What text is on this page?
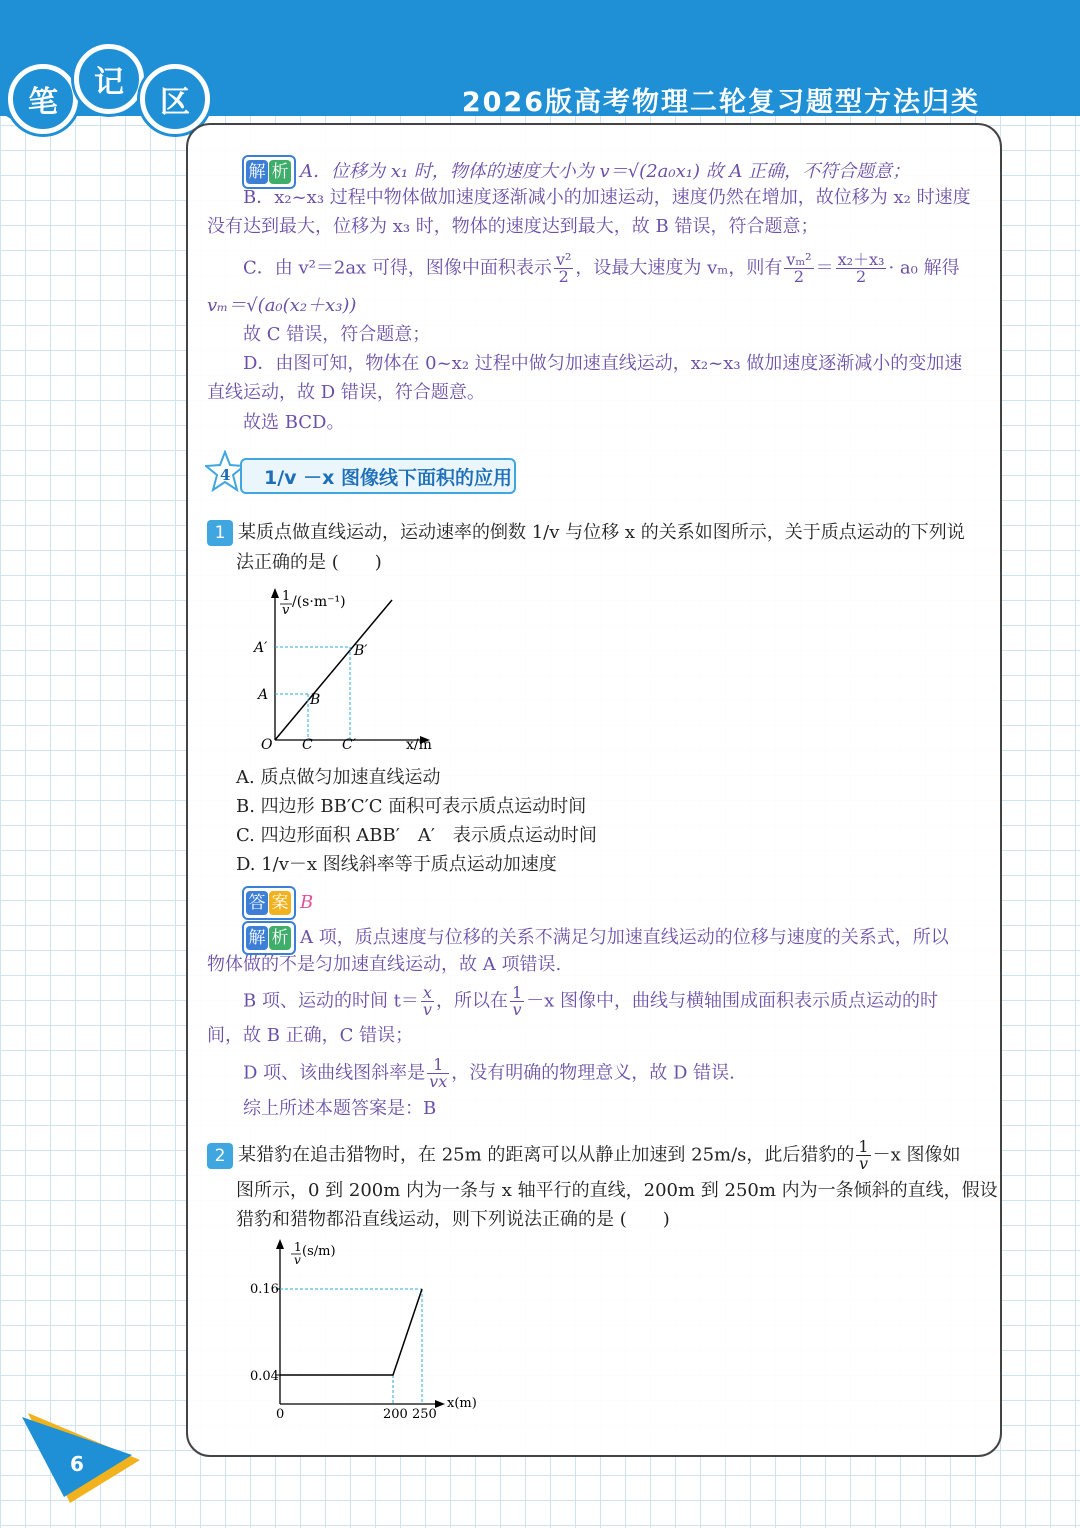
笔
记
区	2026版高考物理二轮复习题型方法归类
解 析 A．位移为 x₁ 时，物体的速度大小为 v＝√(2a₀x₁) 故 A 正确，不符合题意；
B．x₂~x₃ 过程中物体做加速度逐渐减小的加速运动，速度仍然在增加，故位移为 x₂ 时速度
没有达到最大，位移为 x₃ 时，物体的速度达到最大，故 B 错误，符合题意；
C．由 v²＝2ax 可得，图像中面积表示 $\frac{\text{v²}}{2}$ ，设最大速度为 vₘ，则有 $\frac{\text{vₘ²}}{2} = \frac{\text{x₂＋x₃}}{2} \cdot a_0$ 解得
vₘ＝√(a₀(x₂＋x₃))
故 C 错误，符合题意；
D．由图可知，物体在 0~x₂ 过程中做匀加速直线运动，x₂~x₃ 做加速度逐渐减小的变加速
直线运动，故 D 错误，符合题意。
故选 BCD。
4 1/v －x 图像线下面积的应用
1 某质点做直线运动，运动速率的倒数 1/v 与位移 x 的关系如图所示，关于质点运动的下列说
法正确的是 (　　)
1
v
/(s·m⁻¹)
A′
A
B′
B
C C′
O	x/m
A. 质点做匀加速直线运动
B. 四边形 BB′C′C 面积可表示质点运动时间
C. 四边形面积 ABB′　A′　表示质点运动时间
D. 1/v－x 图线斜率等于质点运动加速度
答 案 B
解 析 A 项，质点速度与位移的关系不满足匀加速直线运动的位移与速度的关系式，所以
物体做的不是匀加速直线运动，故 A 项错误.
B 项、运动的时间 $t= \frac{x}{v}$ ，所以在 $\frac{1}{v} -x$ 图像中，曲线与横轴围成面积表示质点运动的时
间，故 B 正确，C 错误；
D 项、该曲线图斜率是 $\frac{1}{vx}$ ，没有明确的物理意义，故 D 错误.
综上所述本题答案是：B
2 某猎豹在追击猎物时，在 25m 的距离可以从静止加速到 25m/s，此后猎豹的 $\frac{1}{v} -x$ 图像如
图所示，0 到 200m 内为一条与 x 轴平行的直线，200m 到 250m 内为一条倾斜的直线，假设
猎豹和猎物都沿直线运动，则下列说法正确的是 (　　)
1
v
(s/m)
0.16
0.04
0	200 250
x(m)
6
